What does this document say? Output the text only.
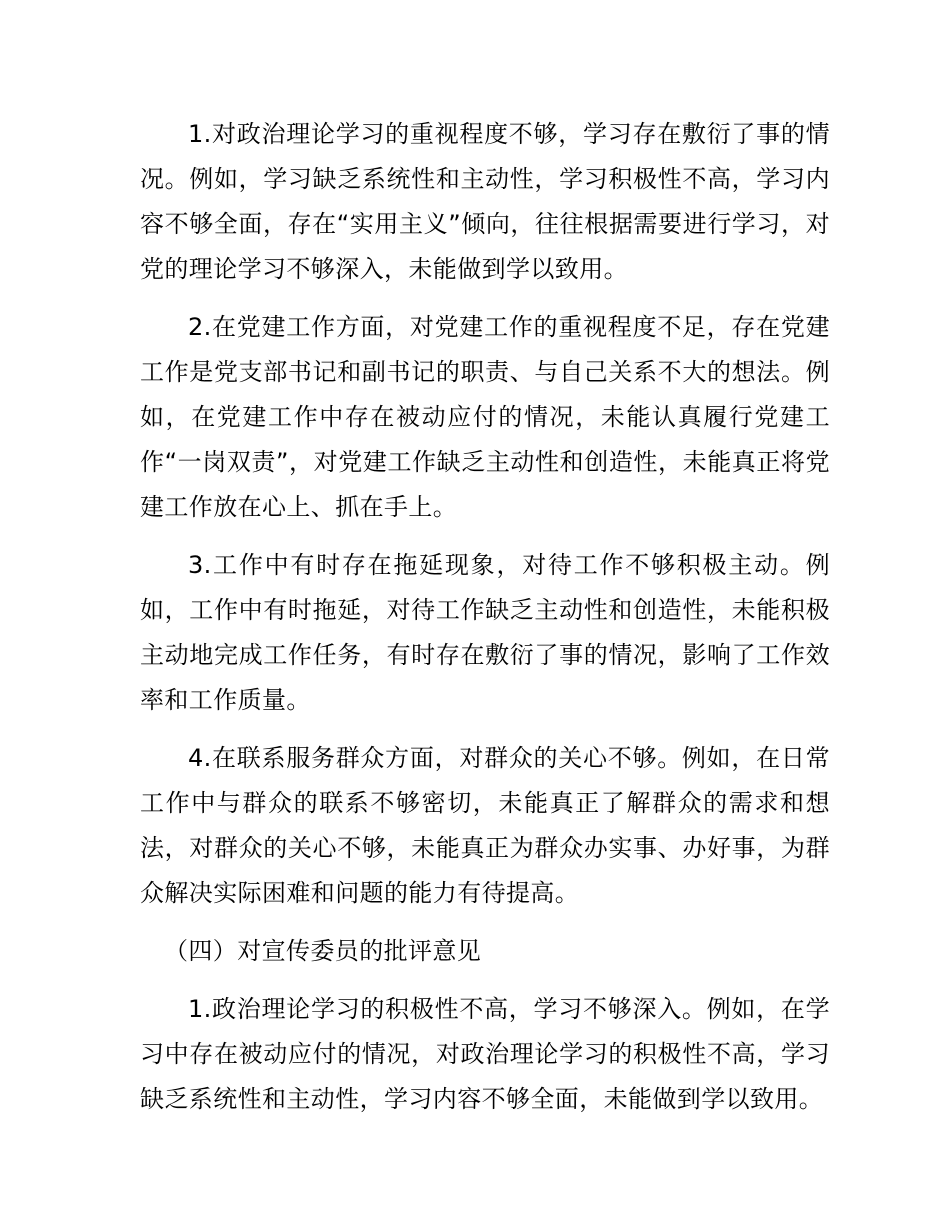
1.对政治理论学习的重视程度不够，学习存在敷衍了事的情况。例如，学习缺乏系统性和主动性，学习积极性不高，学习内容不够全面，存在“实用主义”倾向，往往根据需要进行学习，对党的理论学习不够深入，未能做到学以致用。

2.在党建工作方面，对党建工作的重视程度不足，存在党建工作是党支部书记和副书记的职责、与自己关系不大的想法。例如，在党建工作中存在被动应付的情况，未能认真履行党建工作“一岗双责”，对党建工作缺乏主动性和创造性，未能真正将党建工作放在心上、抓在手上。

3.工作中有时存在拖延现象，对待工作不够积极主动。例如，工作中有时拖延，对待工作缺乏主动性和创造性，未能积极主动地完成工作任务，有时存在敷衍了事的情况，影响了工作效率和工作质量。

4.在联系服务群众方面，对群众的关心不够。例如，在日常工作中与群众的联系不够密切，未能真正了解群众的需求和想法，对群众的关心不够，未能真正为群众办实事、办好事，为群众解决实际困难和问题的能力有待提高。

（四）对宣传委员的批评意见

1.政治理论学习的积极性不高，学习不够深入。例如，在学习中存在被动应付的情况，对政治理论学习的积极性不高，学习缺乏系统性和主动性，学习内容不够全面，未能做到学以致用。
